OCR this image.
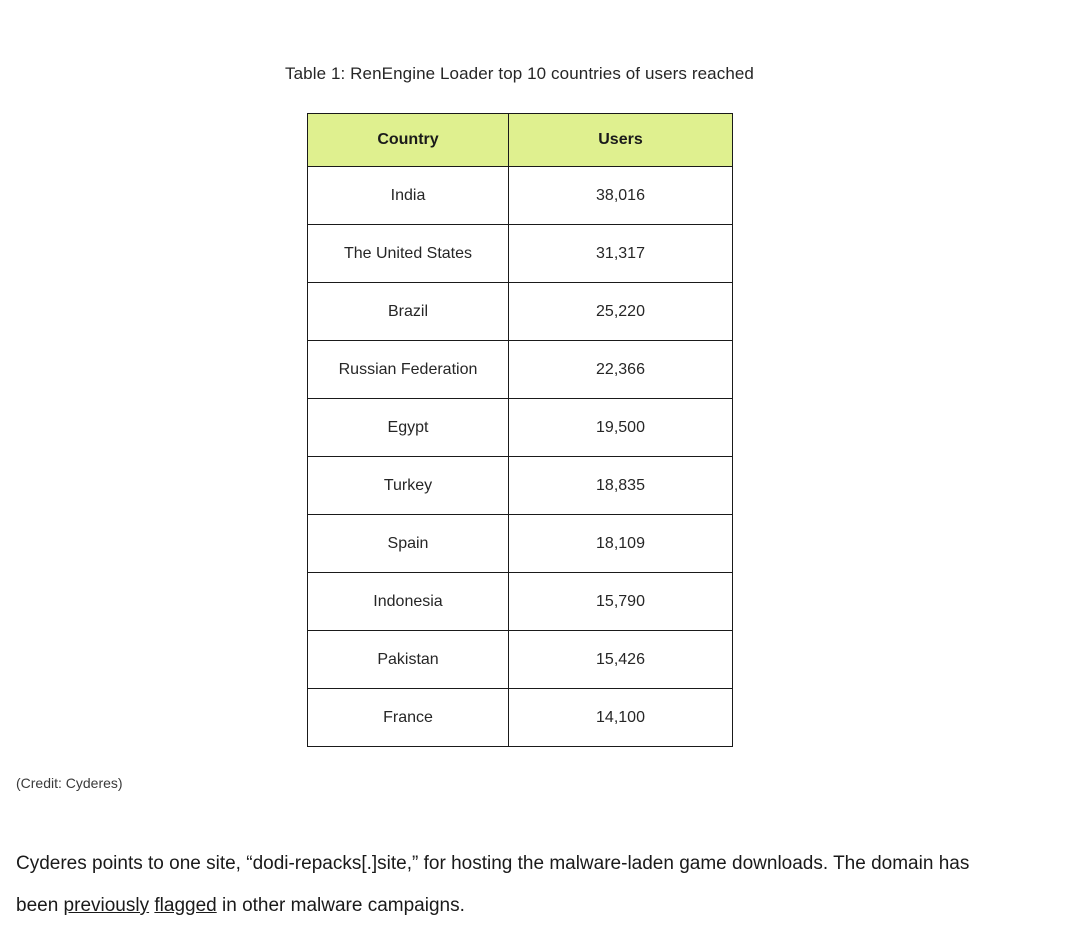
Table 1: RenEngine Loader top 10 countries of users reached
Country	Users
India	38,016
The United States	31,317
Brazil	25,220
Russian Federation	22,366
Egypt	19,500
Turkey	18,835
Spain	18,109
Indonesia	15,790
Pakistan	15,426
France	14,100
(Credit: Cyderes)
Cyderes points to one site, “dodi-repacks[.]site,” for hosting the malware-laden game downloads. The domain has been previously flagged in other malware campaigns.
